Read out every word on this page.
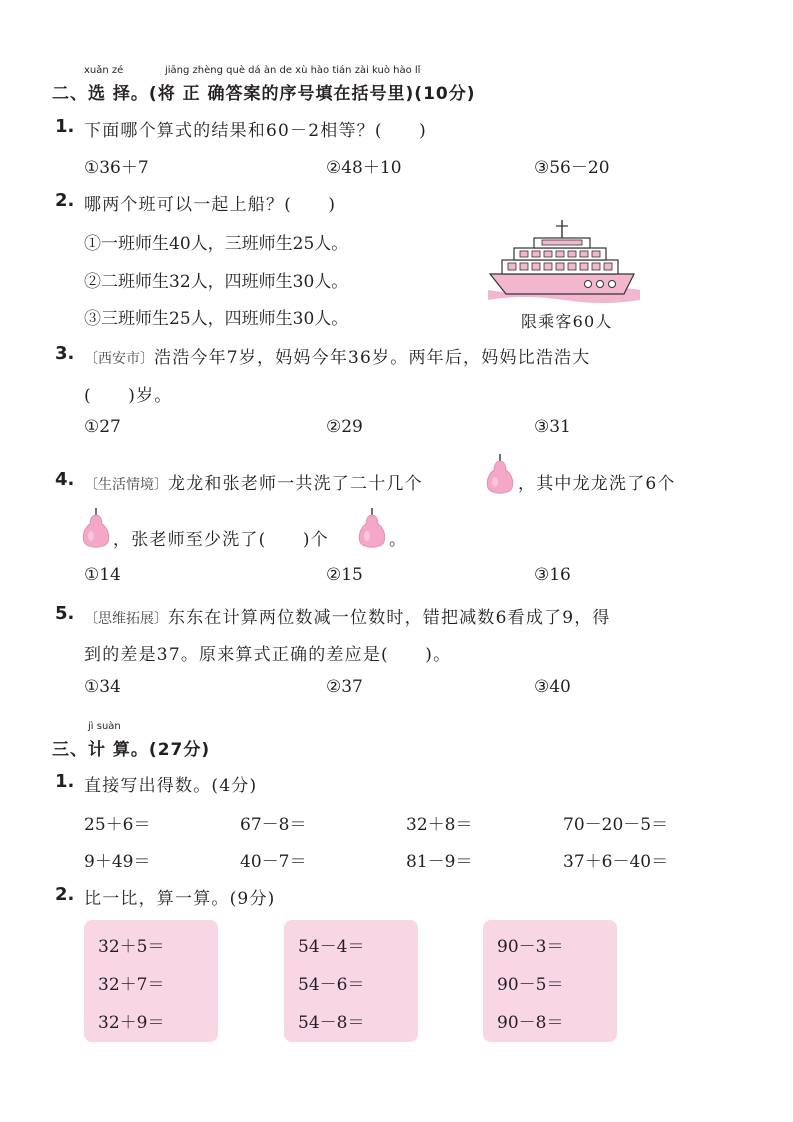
xuǎn zé	jiāng zhèng què dá àn de xù hào tián zài kuò hào lǐ
二、选 择。(将 正 确答案的序号填在括号里)(10分)
1. 下面哪个算式的结果和60－2相等？(　　)
①36＋7	②48＋10	③56－20
2. 哪两个班可以一起上船？(　　)
①一班师生40人，三班师生25人。
②二班师生32人，四班师生30人。
③三班师生25人，四班师生30人。	限乘客60人
3. 〔西安市〕浩浩今年7岁，妈妈今年36岁。两年后，妈妈比浩浩大
(　　)岁。
①27	②29	③31
4. 〔生活情境〕龙龙和张老师一共洗了二十几个	，其中龙龙洗了6个
，张老师至少洗了(　　)个	。
①14	②15	③16
5. 〔思维拓展〕东东在计算两位数减一位数时，错把减数6看成了9，得
到的差是37。原来算式正确的差应是(　　)。
①34	②37	③40
jì suàn
三、计 算。(27分)
1. 直接写出得数。(4分)
25＋6＝	67－8＝	32＋8＝	70－20－5＝
9＋49＝	40－7＝	81－9＝	37＋6－40＝
2. 比一比，算一算。(9分)
32＋5＝
32＋7＝
32＋9＝
54－4＝
54－6＝
54－8＝
90－3＝
90－5＝
90－8＝
